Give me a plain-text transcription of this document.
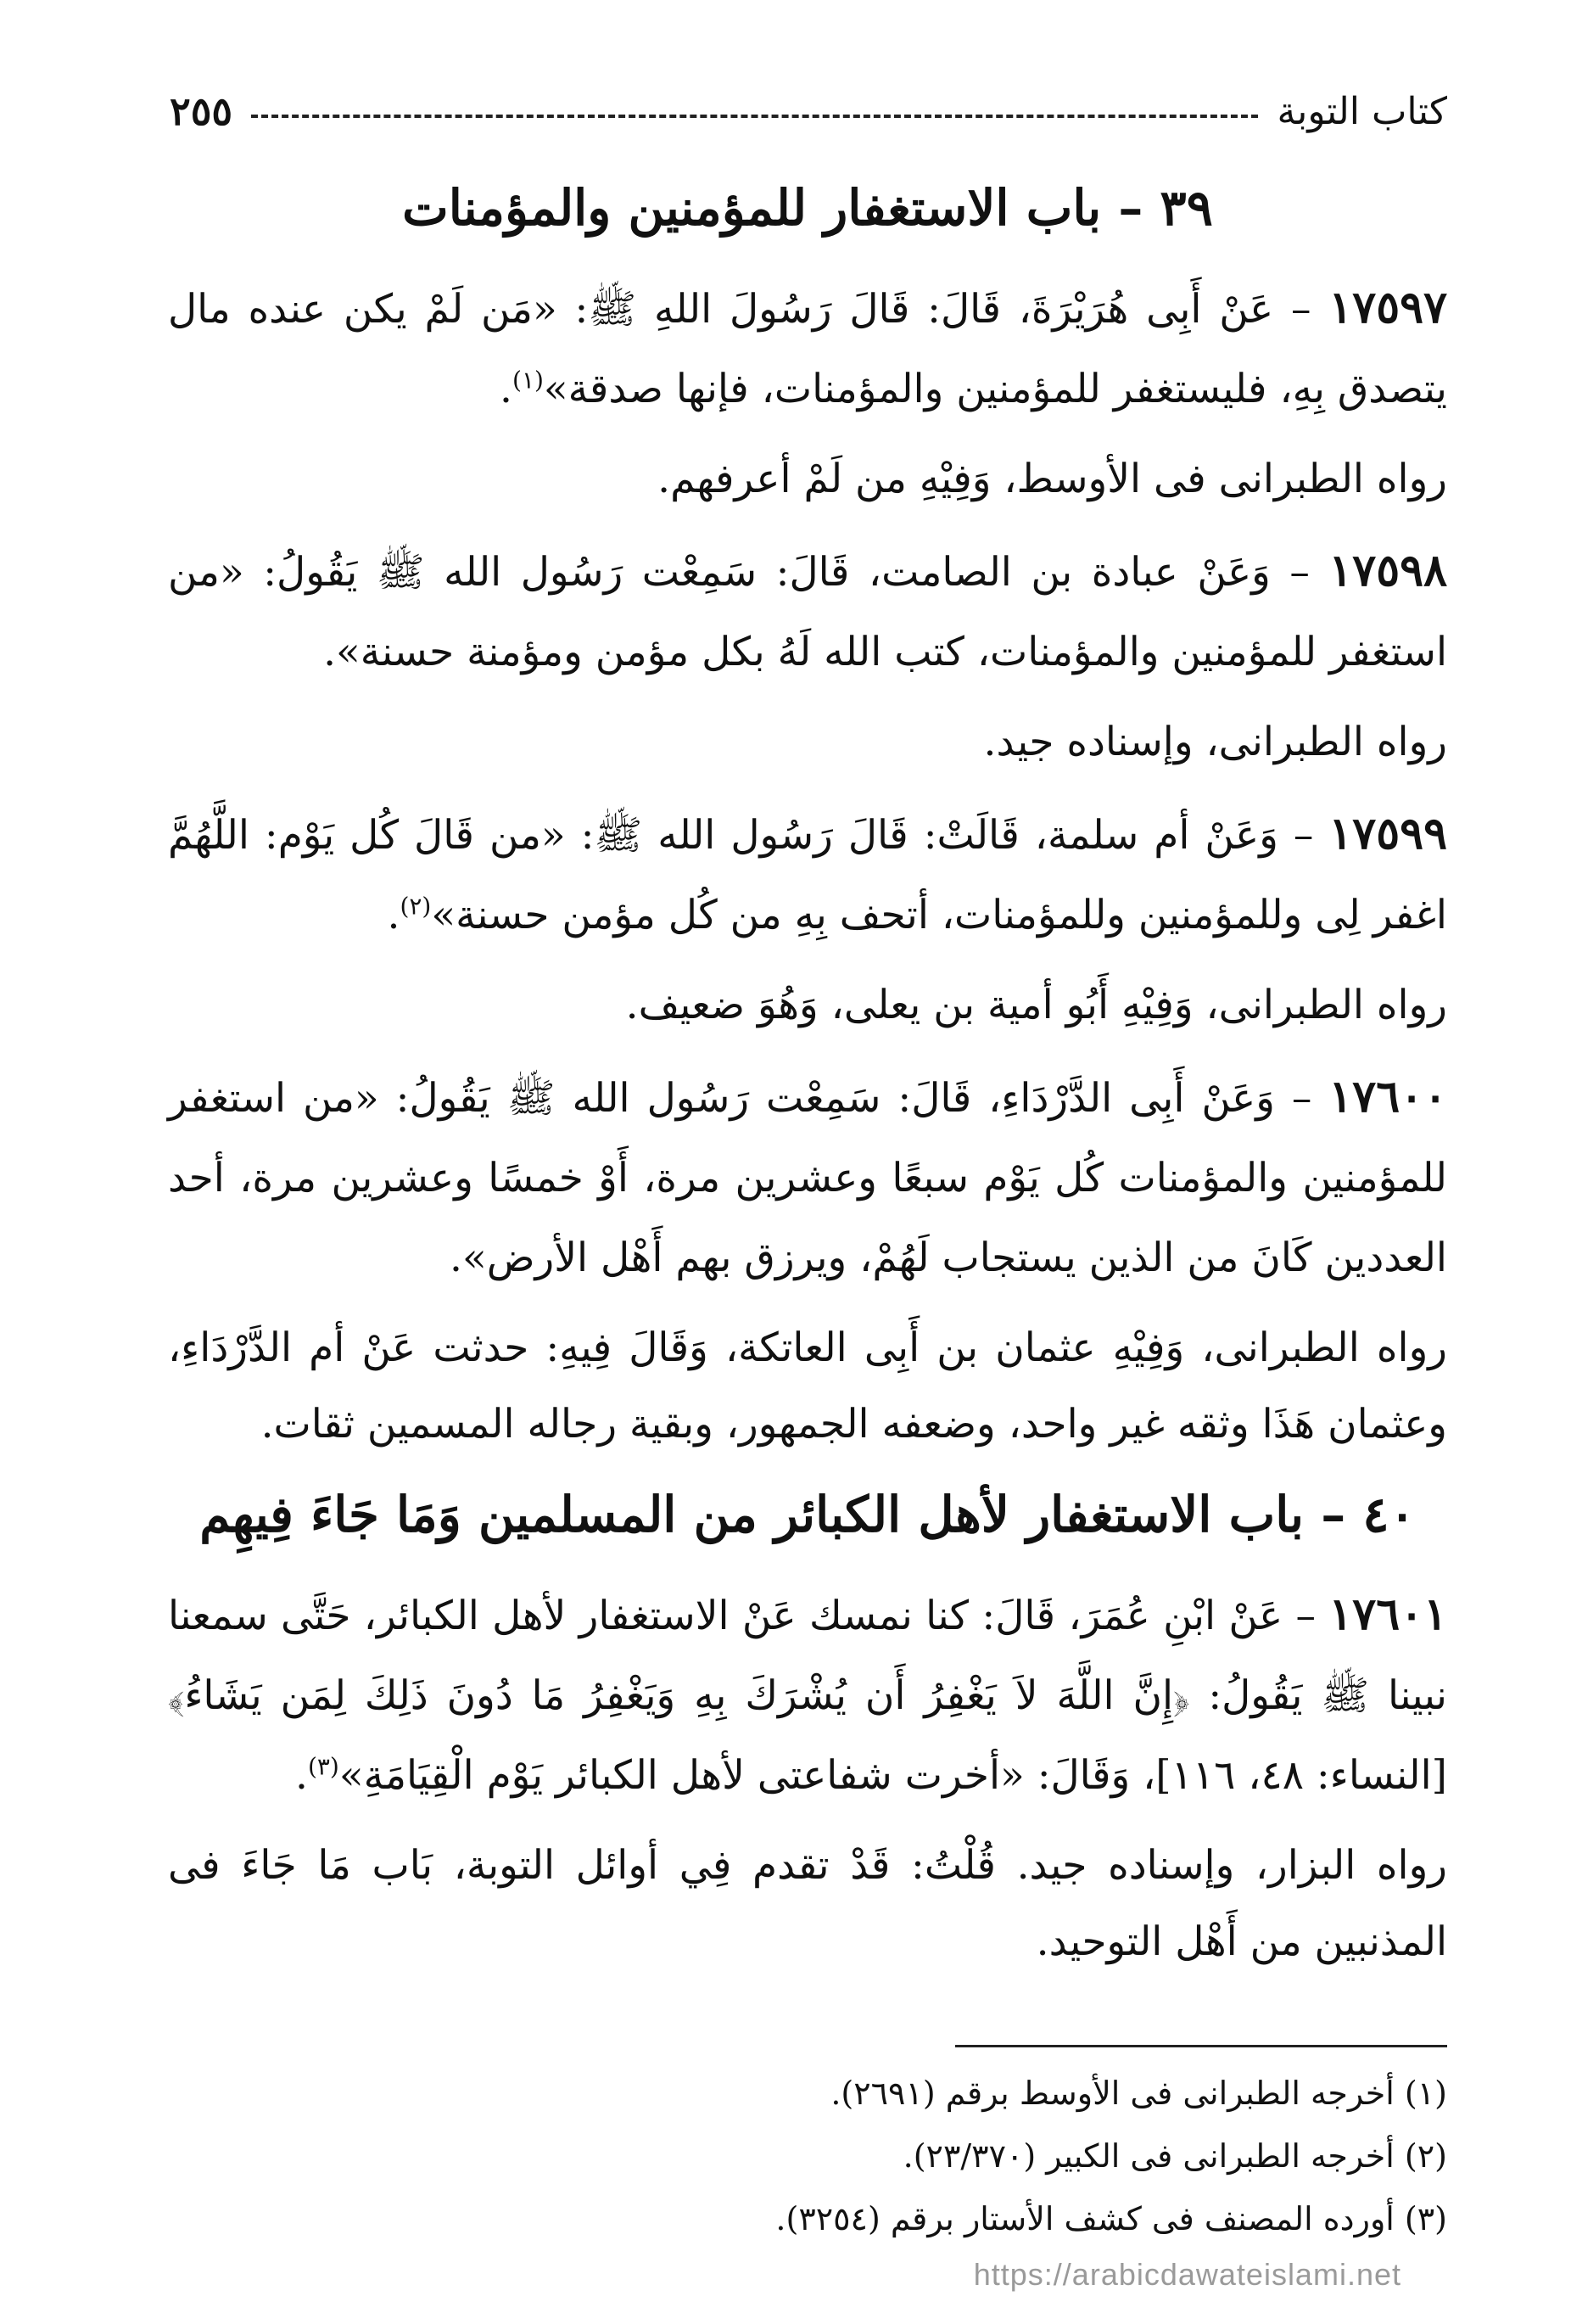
كتاب التوبة
٢٥٥
٣٩ – باب الاستغفار للمؤمنين والمؤمنات

١٧٥٩٧ – عَنْ أَبِى هُرَيْرَةَ، قَالَ: قَالَ رَسُولَ اللهِ ﷺ: «مَن لَمْ يكن عنده مال يتصدق بِهِ، فليستغفر للمؤمنين والمؤمنات، فإنها صدقة»$^{(١)}$.

رواه الطبرانى فى الأوسط، وَفِيْهِ من لَمْ أعرفهم.

١٧٥٩٨ – وَعَنْ عبادة بن الصامت، قَالَ: سَمِعْت رَسُول الله ﷺ يَقُولُ: «من استغفر للمؤمنين والمؤمنات، كتب الله لَهُ بكل مؤمن ومؤمنة حسنة».

رواه الطبرانى، وإسناده جيد.

١٧٥٩٩ – وَعَنْ أم سلمة، قَالَتْ: قَالَ رَسُول الله ﷺ: «من قَالَ كُل يَوْم: اللَّهُمَّ اغفر لِى وللمؤمنين وللمؤمنات، أتحف بِهِ من كُل مؤمن حسنة»$^{(٢)}$.

رواه الطبرانى، وَفِيْهِ أَبُو أمية بن يعلى، وَهُوَ ضعيف.

١٧٦٠٠ – وَعَنْ أَبِى الدَّرْدَاءِ، قَالَ: سَمِعْت رَسُول الله ﷺ يَقُولُ: «من استغفر للمؤمنين والمؤمنات كُل يَوْم سبعًا وعشرين مرة، أَوْ خمسًا وعشرين مرة، أحد العددين كَانَ من الذين يستجاب لَهُمْ، ويرزق بهم أَهْل الأرض».

رواه الطبرانى، وَفِيْهِ عثمان بن أَبِى العاتكة، وَقَالَ فِيهِ: حدثت عَنْ أم الدَّرْدَاءِ، وعثمان هَذَا وثقه غير واحد، وضعفه الجمهور، وبقية رجاله المسمين ثقات.

٤٠ – باب الاستغفار لأهل الكبائر من المسلمين وَمَا جَاءَ فِيهِم

١٧٦٠١ – عَنْ ابْنِ عُمَرَ، قَالَ: كنا نمسك عَنْ الاستغفار لأهل الكبائر، حَتَّى سمعنا نبينا ﷺ يَقُولُ: ﴿إِنَّ اللَّهَ لاَ يَغْفِرُ أَن يُشْرَكَ بِهِ وَيَغْفِرُ مَا دُونَ ذَلِكَ لِمَن يَشَاءُ﴾ [النساء: ٤٨، ١١٦]، وَقَالَ: «أخرت شفاعتى لأهل الكبائر يَوْم الْقِيَامَةِ»$^{(٣)}$.

رواه البزار، وإسناده جيد. قُلْتُ: قَدْ تقدم فِي أوائل التوبة، بَاب مَا جَاءَ فى المذنبين من أَهْل التوحيد.

(١) أخرجه الطبرانى فى الأوسط برقم (٢٦٩١).
(٢) أخرجه الطبرانى فى الكبير (٢٣/٣٧٠).
(٣) أورده المصنف فى كشف الأستار برقم (٣٢٥٤).
https://arabicdawateislami.net
